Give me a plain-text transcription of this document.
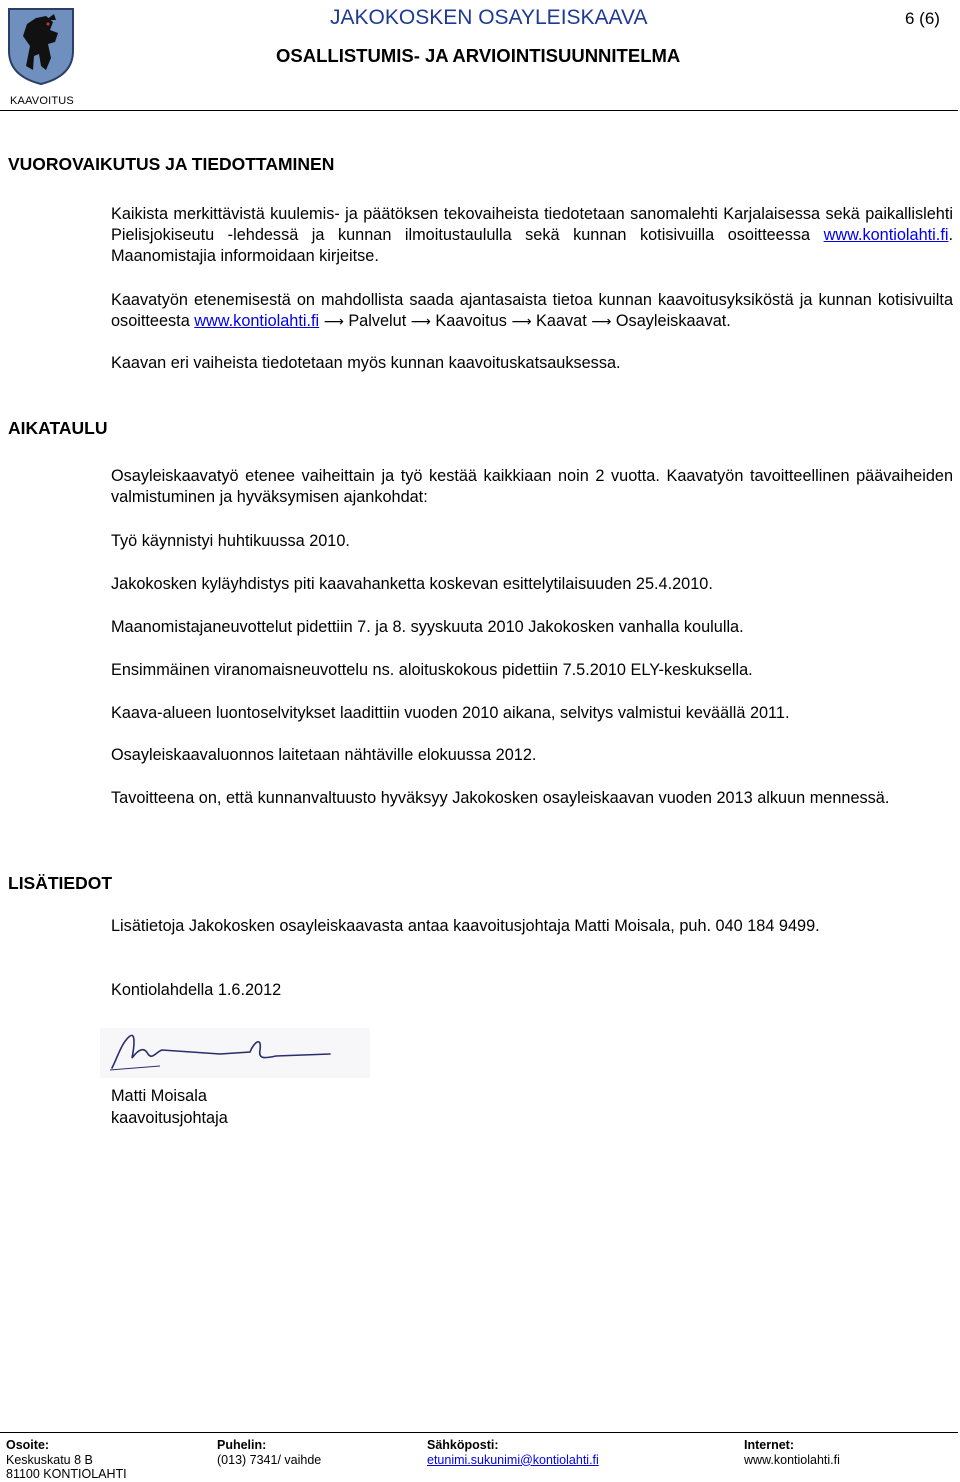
KAAVOITUS
JAKOKOSKEN OSAYLEISKAAVA	6 (6)
OSALLISTUMIS- JA ARVIOINTISUUNNITELMA
VUOROVAIKUTUS JA TIEDOTTAMINEN
Kaikista merkittävistä kuulemis- ja päätöksen tekovaiheista tiedotetaan sanomalehti Karjalaisessa sekä paikallislehti Pielisjokiseutu -lehdessä ja kunnan ilmoitustaululla sekä kunnan kotisivuilla osoitteessa www.kontiolahti.fi. Maanomistajia informoidaan kirjeitse.
Kaavatyön etenemisestä on mahdollista saada ajantasaista tietoa kunnan kaavoitusyksiköstä ja kunnan kotisivuilta osoitteesta www.kontiolahti.fi ⟶ Palvelut ⟶ Kaavoitus ⟶ Kaavat ⟶ Osayleiskaavat.
Kaavan eri vaiheista tiedotetaan myös kunnan kaavoituskatsauksessa.
AIKATAULU
Osayleiskaavatyö etenee vaiheittain ja työ kestää kaikkiaan noin 2 vuotta. Kaavatyön tavoitteellinen päävaiheiden valmistuminen ja hyväksymisen ajankohdat:
Työ käynnistyi huhtikuussa 2010.
Jakokosken kyläyhdistys piti kaavahanketta koskevan esittelytilaisuuden 25.4.2010.
Maanomistajaneuvottelut pidettiin 7. ja 8. syyskuuta 2010 Jakokosken vanhalla koululla.
Ensimmäinen viranomaisneuvottelu ns. aloituskokous pidettiin 7.5.2010 ELY-keskuksella.
Kaava-alueen luontoselvitykset laadittiin vuoden 2010 aikana, selvitys valmistui keväällä 2011.
Osayleiskaavaluonnos laitetaan nähtäville elokuussa 2012.
Tavoitteena on, että kunnanvaltuusto hyväksyy Jakokosken osayleiskaavan vuoden 2013 alkuun mennessä.
LISÄTIEDOT
Lisätietoja Jakokosken osayleiskaavasta antaa kaavoitusjohtaja Matti Moisala, puh. 040 184 9499.
Kontiolahdella 1.6.2012
Matti Moisala
kaavoitusjohtaja
Osoite:
Keskuskatu 8 B
81100 KONTIOLAHTI
Puhelin:
(013) 7341/ vaihde
Sähköposti:
etunimi.sukunimi@kontiolahti.fi
Internet:
www.kontiolahti.fi
